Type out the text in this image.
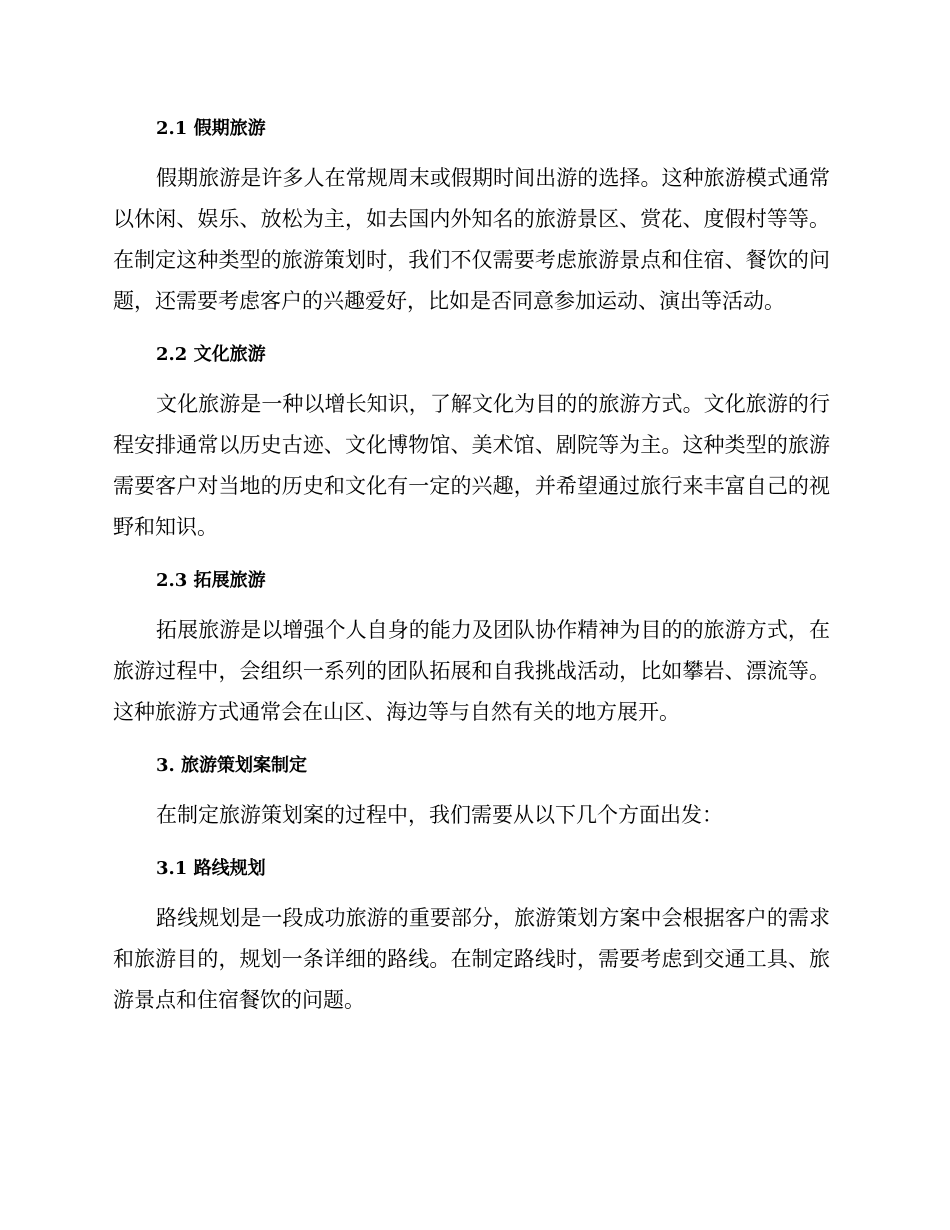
2.1 假期旅游

假期旅游是许多人在常规周末或假期时间出游的选择。这种旅游模式通常以休闲、娱乐、放松为主，如去国内外知名的旅游景区、赏花、度假村等等。在制定这种类型的旅游策划时，我们不仅需要考虑旅游景点和住宿、餐饮的问题，还需要考虑客户的兴趣爱好，比如是否同意参加运动、演出等活动。

2.2 文化旅游

文化旅游是一种以增长知识，了解文化为目的的旅游方式。文化旅游的行程安排通常以历史古迹、文化博物馆、美术馆、剧院等为主。这种类型的旅游需要客户对当地的历史和文化有一定的兴趣，并希望通过旅行来丰富自己的视野和知识。

2.3 拓展旅游

拓展旅游是以增强个人自身的能力及团队协作精神为目的的旅游方式，在旅游过程中，会组织一系列的团队拓展和自我挑战活动，比如攀岩、漂流等。这种旅游方式通常会在山区、海边等与自然有关的地方展开。

3. 旅游策划案制定

在制定旅游策划案的过程中，我们需要从以下几个方面出发：

3.1 路线规划

路线规划是一段成功旅游的重要部分，旅游策划方案中会根据客户的需求和旅游目的，规划一条详细的路线。在制定路线时，需要考虑到交通工具、旅游景点和住宿餐饮的问题。
